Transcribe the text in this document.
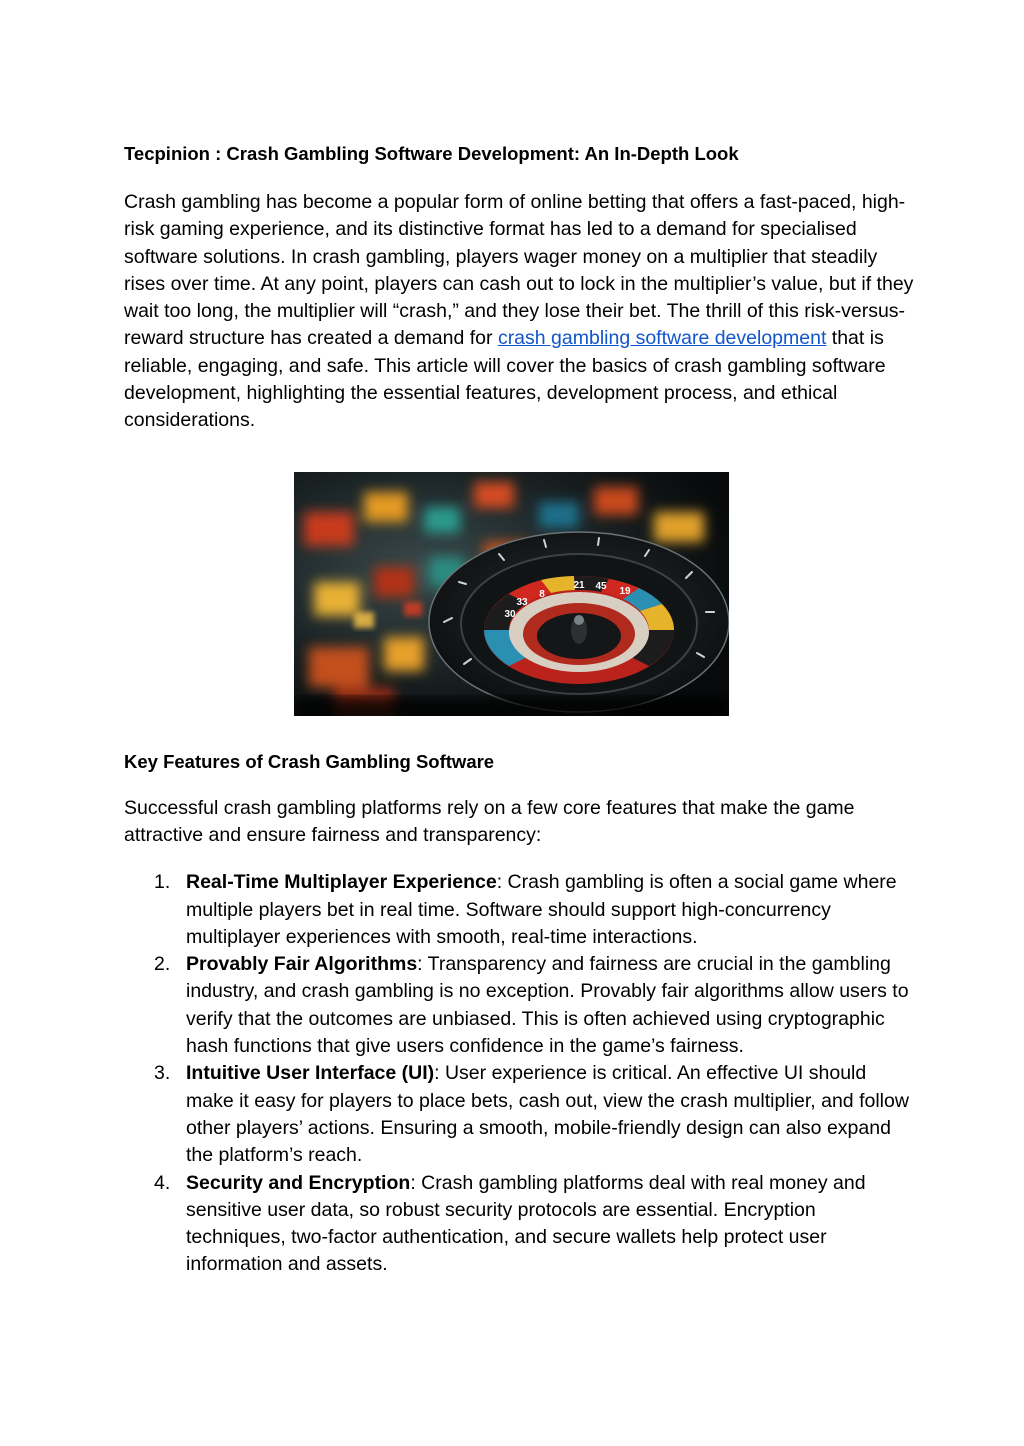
Tecpinion : Crash Gambling Software Development: An In-Depth Look

Crash gambling has become a popular form of online betting that offers a fast-paced, high-risk gaming experience, and its distinctive format has led to a demand for specialised software solutions. In crash gambling, players wager money on a multiplier that steadily rises over time. At any point, players can cash out to lock in the multiplier’s value, but if they wait too long, the multiplier will “crash,” and they lose their bet. The thrill of this risk-versus-reward structure has created a demand for crash gambling software development that is reliable, engaging, and safe. This article will cover the basics of crash gambling software development, highlighting the essential features, development process, and ethical considerations.

8
21 45 19
30
33
Key Features of Crash Gambling Software

Successful crash gambling platforms rely on a few core features that make the game attractive and ensure fairness and transparency:

1. Real-Time Multiplayer Experience: Crash gambling is often a social game where multiple players bet in real time. Software should support high-concurrency multiplayer experiences with smooth, real-time interactions.
2. Provably Fair Algorithms: Transparency and fairness are crucial in the gambling industry, and crash gambling is no exception. Provably fair algorithms allow users to verify that the outcomes are unbiased. This is often achieved using cryptographic hash functions that give users confidence in the game’s fairness.
3. Intuitive User Interface (UI): User experience is critical. An effective UI should make it easy for players to place bets, cash out, view the crash multiplier, and follow other players’ actions. Ensuring a smooth, mobile-friendly design can also expand the platform’s reach.
4. Security and Encryption: Crash gambling platforms deal with real money and sensitive user data, so robust security protocols are essential. Encryption techniques, two-factor authentication, and secure wallets help protect user information and assets.
